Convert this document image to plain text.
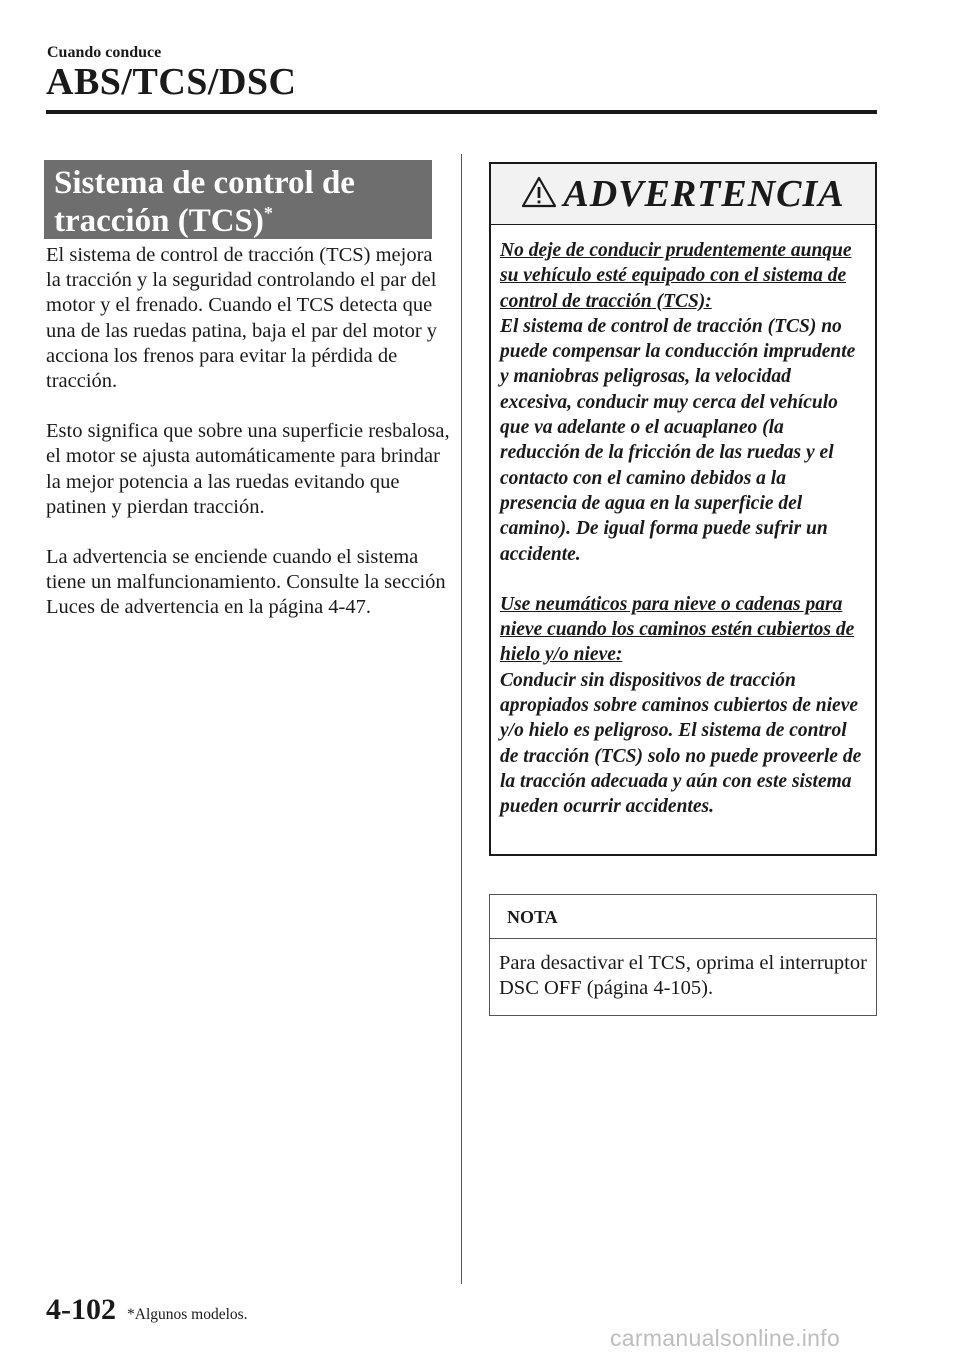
Cuando conduce
ABS/TCS/DSC
Sistema de control de
tracción (TCS)*

El sistema de control de tracción (TCS) mejora la tracción y la seguridad controlando el par del motor y el frenado. Cuando el TCS detecta que una de las ruedas patina, baja el par del motor y acciona los frenos para evitar la pérdida de tracción.

Esto significa que sobre una superficie resbalosa, el motor se ajusta automáticamente para brindar la mejor potencia a las ruedas evitando que patinen y pierdan tracción.

La advertencia se enciende cuando el sistema tiene un malfuncionamiento. Consulte la sección Luces de advertencia en la página 4-47.

ADVERTENCIA

No deje de conducir prudentemente aunque su vehículo esté equipado con el sistema de control de tracción (TCS):
El sistema de control de tracción (TCS) no puede compensar la conducción imprudente y maniobras peligrosas, la velocidad excesiva, conducir muy cerca del vehículo que va adelante o el acuaplaneo (la reducción de la fricción de las ruedas y el contacto con el camino debidos a la presencia de agua en la superficie del camino). De igual forma puede sufrir un accidente.

Use neumáticos para nieve o cadenas para nieve cuando los caminos estén cubiertos de hielo y/o nieve:
Conducir sin dispositivos de tracción apropiados sobre caminos cubiertos de nieve y/o hielo es peligroso. El sistema de control de tracción (TCS) solo no puede proveerle de la tracción adecuada y aún con este sistema pueden ocurrir accidentes.

NOTA
Para desactivar el TCS, oprima el interruptor DSC OFF (página 4-105).
4-102 *Algunos modelos.
carmanualsonline.info
